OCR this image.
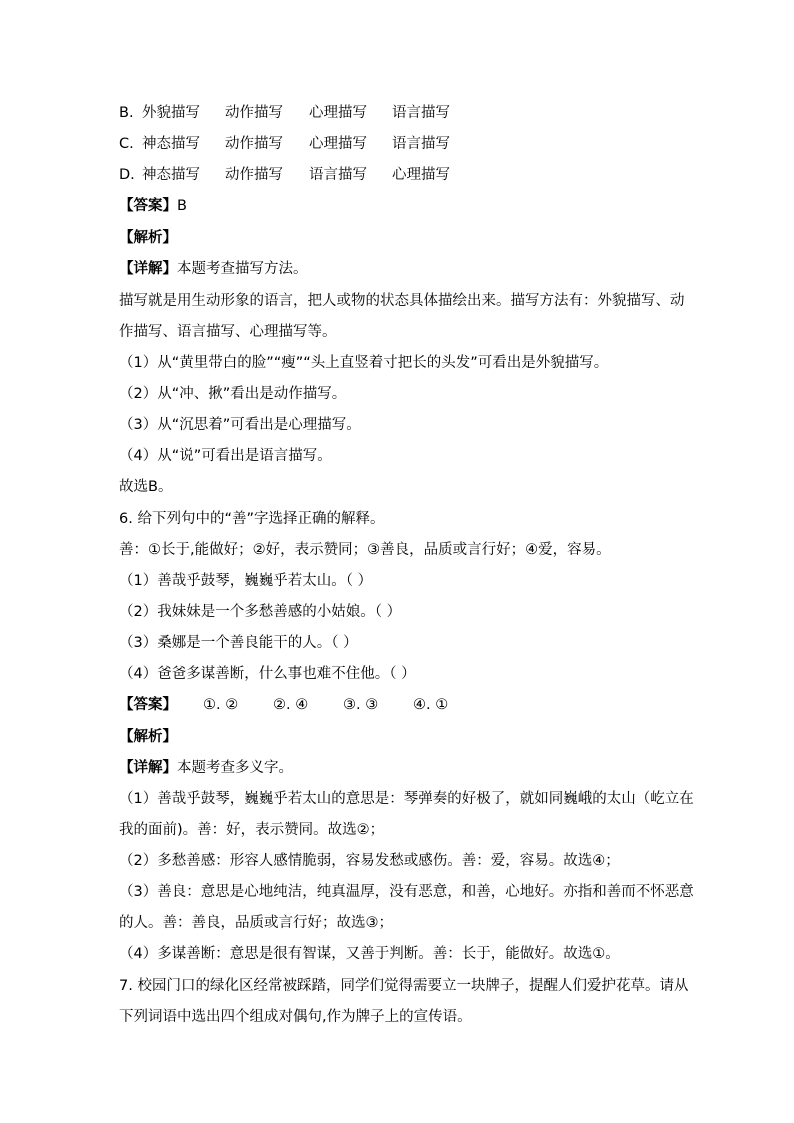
B. 外貌描写 动作描写 心理描写 语言描写
C. 神态描写 动作描写 心理描写 语言描写
D. 神态描写 动作描写 语言描写 心理描写
【答案】B
【解析】
【详解】本题考查描写方法。
描写就是用生动形象的语言，把人或物的状态具体描绘出来。描写方法有：外貌描写、动
作描写、语言描写、心理描写等。
（1）从“黄里带白的脸”“瘦”“头上直竖着寸把长的头发”可看出是外貌描写。
（2）从“冲、揪”看出是动作描写。
（3）从“沉思着”可看出是心理描写。
（4）从“说”可看出是语言描写。
故选B。
6. 给下列句中的“善”字选择正确的解释。
善：①长于,能做好；②好，表示赞同；③善良，品质或言行好；④爱，容易。
（1）善哉乎鼓琴，巍巍乎若太山。（ ）
（2）我妹妹是一个多愁善感的小姑娘。（ ）
（3）桑娜是一个善良能干的人。（ ）
（4）爸爸多谋善断，什么事也难不住他。（ ）
【答案】 ①. ② ②. ④ ③. ③ ④. ①
【解析】
【详解】本题考查多义字。
（1）善哉乎鼓琴，巍巍乎若太山的意思是：琴弹奏的好极了，就如同巍峨的太山（屹立在
我的面前)。善：好，表示赞同。故选②；
（2）多愁善感：形容人感情脆弱，容易发愁或感伤。善：爱，容易。故选④；
（3）善良：意思是心地纯洁，纯真温厚，没有恶意，和善，心地好。亦指和善而不怀恶意
的人。善：善良，品质或言行好；故选③；
（4）多谋善断：意思是很有智谋，又善于判断。善：长于，能做好。故选①。
7. 校园门口的绿化区经常被踩踏，同学们觉得需要立一块牌子，提醒人们爱护花草。请从
下列词语中选出四个组成对偶句,作为牌子上的宣传语。
